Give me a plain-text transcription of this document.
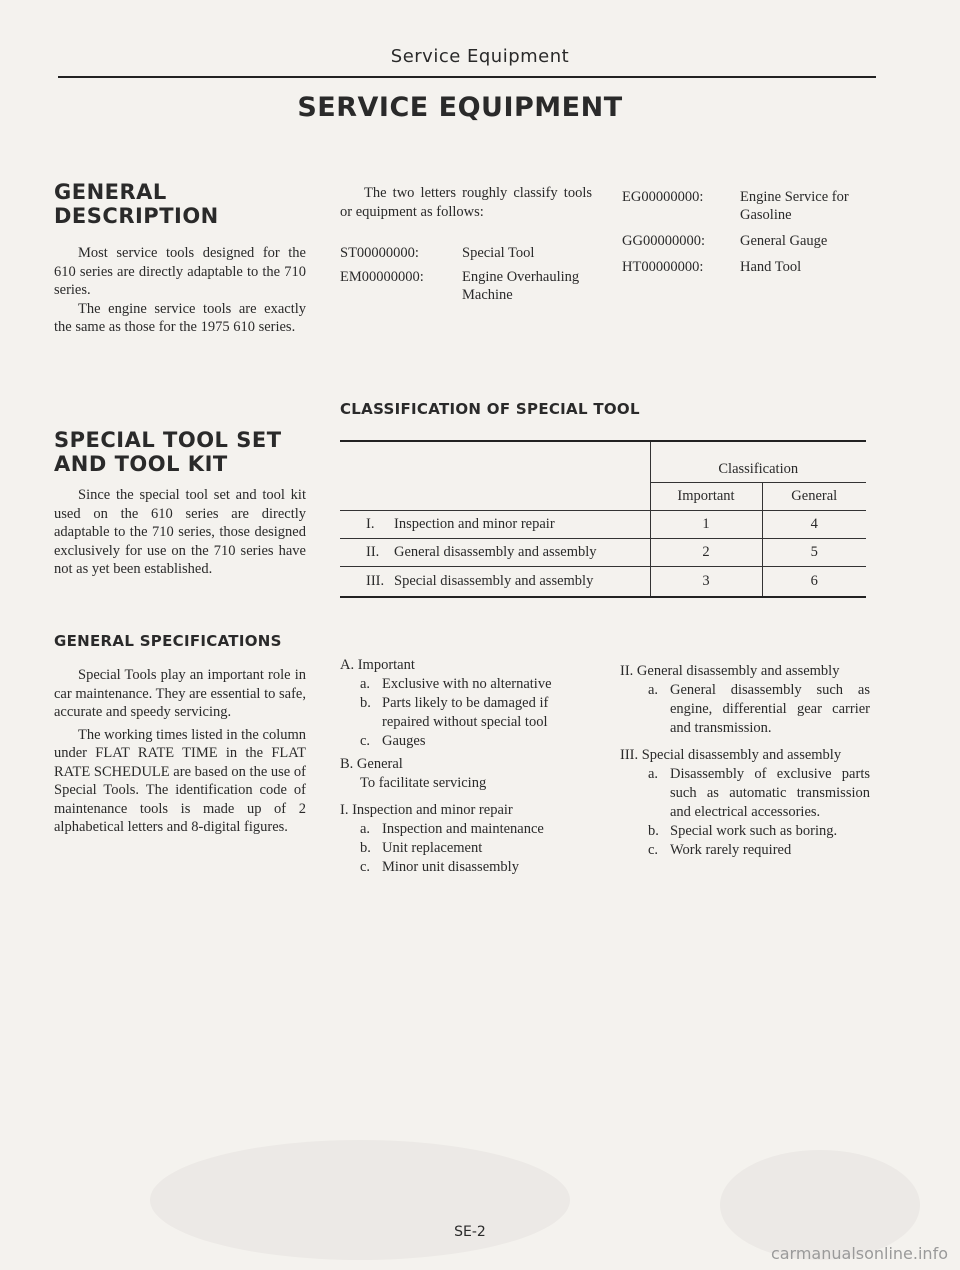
Service Equipment
SERVICE EQUIPMENT
GENERAL
DESCRIPTION

Most service tools designed for the 610 series are directly adaptable to the 710 series.

The engine service tools are exactly the same as those for the 1975 610 series.

SPECIAL TOOL SET
AND TOOL KIT

Since the special tool set and tool kit used on the 610 series are directly adaptable to the 710 series, those designed exclusively for use on the 710 series have not as yet been established.

GENERAL SPECIFICATIONS

Special Tools play an important role in car maintenance. They are essential to safe, accurate and speedy servicing.

The working times listed in the column under FLAT RATE TIME in the FLAT RATE SCHEDULE are based on the use of Special Tools. The identification code of maintenance tools is made up of 2 alphabetical letters and 8-digital figures.

The two letters roughly classify tools or equipment as follows:
ST00000000:	Special Tool
EM00000000:	Engine Overhauling
Machine
EG00000000:	Engine Service for
Gasoline
GG00000000: General Gauge
HT00000000:	Hand Tool
CLASSIFICATION OF SPECIAL TOOL
	Classification	
	Important	General
I. Inspection and minor repair	1	4
II. General disassembly and assembly	2	5
III. Special disassembly and assembly	3	6
A. Important
a. Exclusive with no alternative
b. Parts likely to be damaged if repaired without special tool
c. Gauges
B. General
To facilitate servicing
I. Inspection and minor repair
a. Inspection and maintenance
b. Unit replacement
c. Minor unit disassembly
II. General disassembly and assembly
a. General disassembly such as engine, differential gear carrier and transmission.
III. Special disassembly and assembly
a. Disassembly of exclusive parts such as automatic transmission and electrical accessories.
b. Special work such as boring.
c. Work rarely required
SE-2
carmanualsonline.info
